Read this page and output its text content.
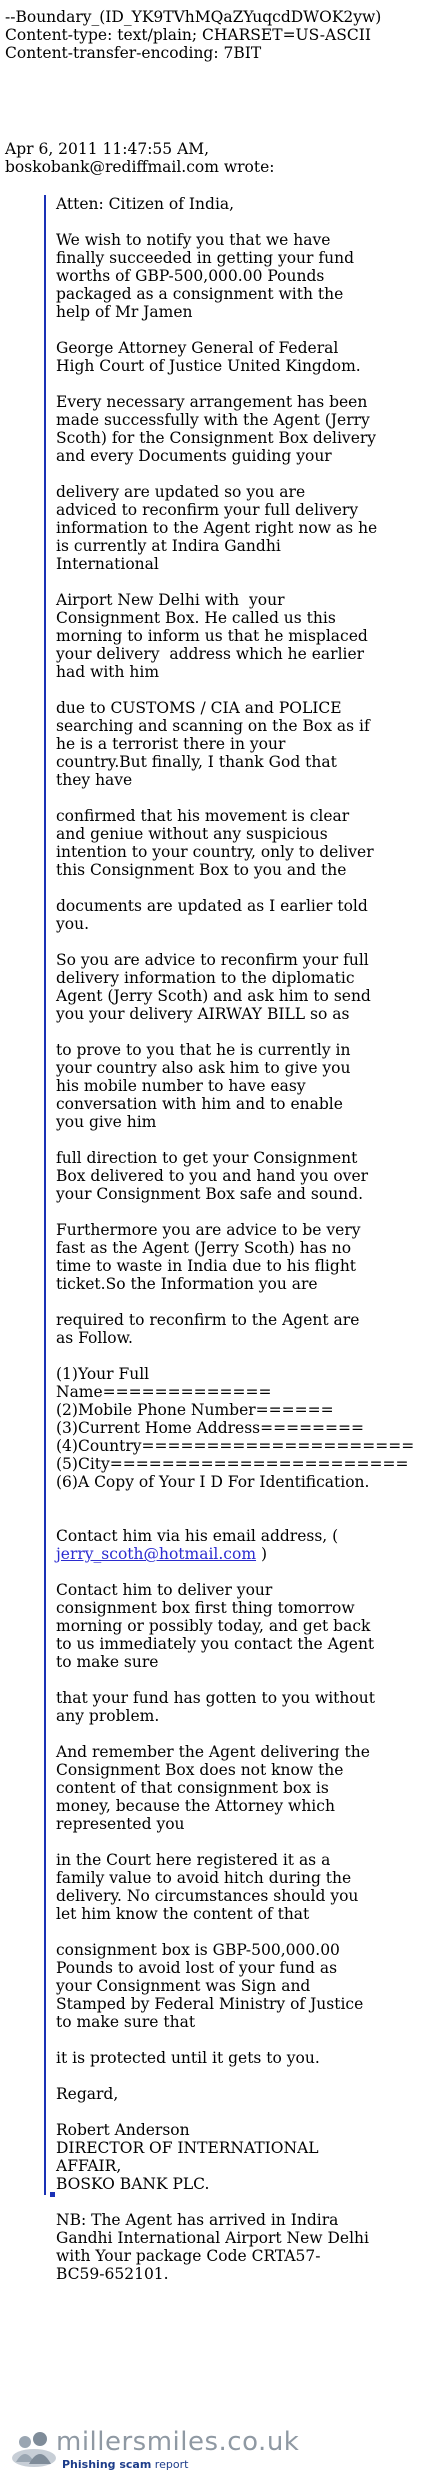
--Boundary_(ID_YK9TVhMQaZYuqcdDWOK2yw)
Content-type: text/plain; CHARSET=US-ASCII
Content-transfer-encoding: 7BIT
Apr 6, 2011 11:47:55 AM,
boskobank@rediffmail.com wrote:

Atten: Citizen of India,

We wish to notify you that we have
finally succeeded in getting your fund
worths of GBP-500,000.00 Pounds
packaged as a consignment with the
help of Mr Jamen

George Attorney General of Federal
High Court of Justice United Kingdom.

Every necessary arrangement has been
made successfully with the Agent (Jerry
Scoth) for the Consignment Box delivery
and every Documents guiding your

delivery are updated so you are
adviced to reconfirm your full delivery
information to the Agent right now as he
is currently at Indira Gandhi
International

Airport New Delhi with  your
Consignment Box. He called us this
morning to inform us that he misplaced
your delivery  address which he earlier
had with him

due to CUSTOMS / CIA and POLICE
searching and scanning on the Box as if
he is a terrorist there in your
country.But finally, I thank God that
they have

confirmed that his movement is clear
and geniue without any suspicious
intention to your country, only to deliver
this Consignment Box to you and the

documents are updated as I earlier told
you.

So you are advice to reconfirm your full
delivery information to the diplomatic
Agent (Jerry Scoth) and ask him to send
you your delivery AIRWAY BILL so as

to prove to you that he is currently in
your country also ask him to give you
his mobile number to have easy
conversation with him and to enable
you give him

full direction to get your Consignment
Box delivered to you and hand you over
your Consignment Box safe and sound.

Furthermore you are advice to be very
fast as the Agent (Jerry Scoth) has no
time to waste in India due to his flight
ticket.So the Information you are

required to reconfirm to the Agent are
as Follow.

(1)Your Full
Name=============
(2)Mobile Phone Number======
(3)Current Home Address========
(4)Country=====================
(5)City=======================
(6)A Copy of Your I D For Identification.

Contact him via his email address, (
jerry_scoth@hotmail.com )

Contact him to deliver your
consignment box first thing tomorrow
morning or possibly today, and get back
to us immediately you contact the Agent
to make sure

that your fund has gotten to you without
any problem.

And remember the Agent delivering the
Consignment Box does not know the
content of that consignment box is
money, because the Attorney which
represented you

in the Court here registered it as a
family value to avoid hitch during the
delivery. No circumstances should you
let him know the content of that

consignment box is GBP-500,000.00
Pounds to avoid lost of your fund as
your Consignment was Sign and
Stamped by Federal Ministry of Justice
to make sure that

it is protected until it gets to you.

Regard,

Robert Anderson
DIRECTOR OF INTERNATIONAL
AFFAIR,
BOSKO BANK PLC.

NB: The Agent has arrived in Indira
Gandhi International Airport New Delhi
with Your package Code CRTA57-
BC59-652101.

millersmiles.co.uk
Phishing scam report
